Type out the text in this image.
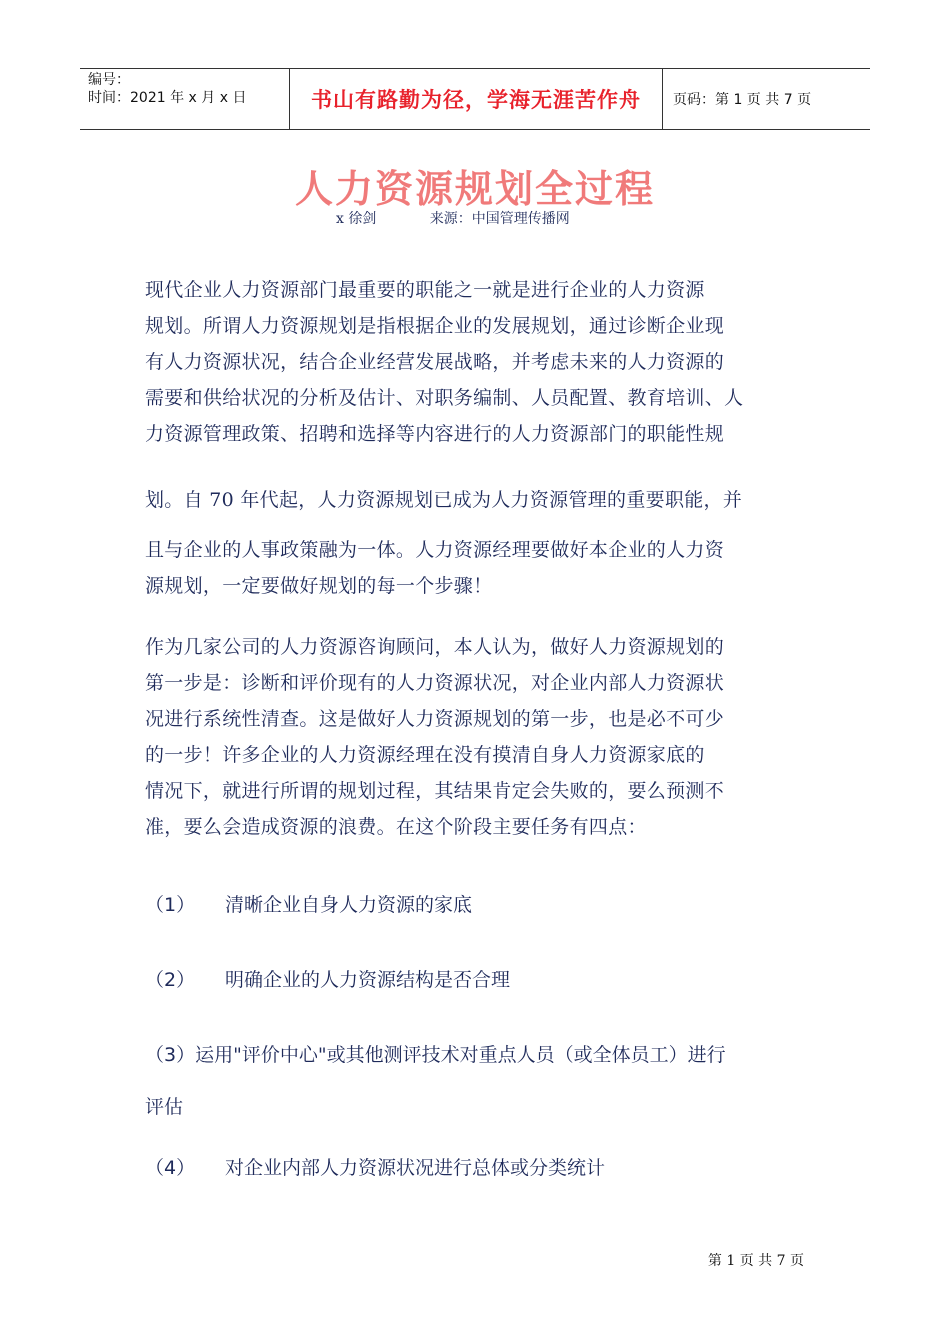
编号：
时间：2021 年 x 月 x 日	书山有路勤为径，学海无涯苦作舟	页码：第 1 页 共 7 页
人力资源规划全过程
x 徐剑	来源：中国管理传播网
现代企业人力资源部门最重要的职能之一就是进行企业的人力资源
规划。所谓人力资源规划是指根据企业的发展规划，通过诊断企业现
有人力资源状况，结合企业经营发展战略，并考虑未来的人力资源的
需要和供给状况的分析及估计、对职务编制、人员配置、教育培训、人
力资源管理政策、招聘和选择等内容进行的人力资源部门的职能性规
划。自 70 年代起，人力资源规划已成为人力资源管理的重要职能，并
且与企业的人事政策融为一体。人力资源经理要做好本企业的人力资
源规划，一定要做好规划的每一个步骤！
作为几家公司的人力资源咨询顾问，本人认为，做好人力资源规划的
第一步是：诊断和评价现有的人力资源状况，对企业内部人力资源状
况进行系统性清查。这是做好人力资源规划的第一步，也是必不可少
的一步！许多企业的人力资源经理在没有摸清自身人力资源家底的
情况下，就进行所谓的规划过程，其结果肯定会失败的，要么预测不
准，要么会造成资源的浪费。在这个阶段主要任务有四点：
（1） 清晰企业自身人力资源的家底
（2） 明确企业的人力资源结构是否合理
（3）运用"评价中心"或其他测评技术对重点人员（或全体员工）进行
评估
（4） 对企业内部人力资源状况进行总体或分类统计
第 1 页 共 7 页
